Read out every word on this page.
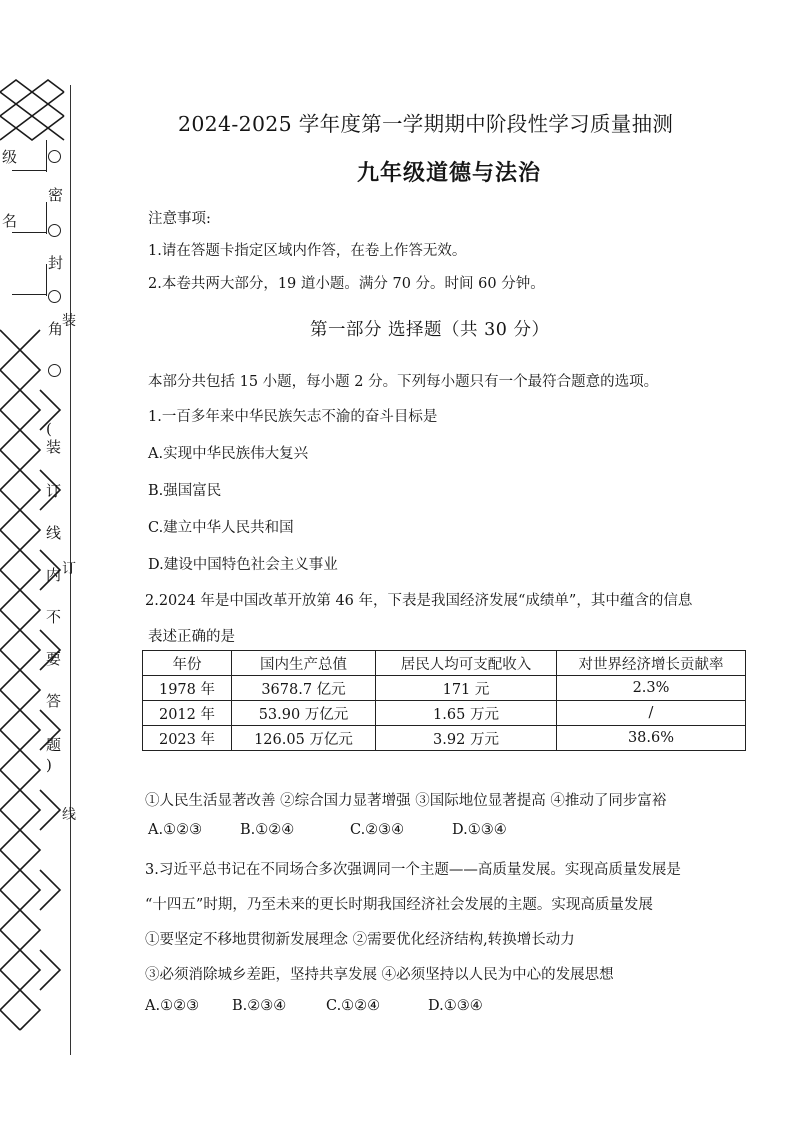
级
名
密
封
角
(
装
订
线
内
不
要
答
题
)
装
订
线
2024-2025 学年度第一学期期中阶段性学习质量抽测
九年级道德与法治
注意事项:
1.请在答题卡指定区域内作答，在卷上作答无效。
2.本卷共两大部分，19 道小题。满分 70 分。时间 60 分钟。
第一部分 选择题（共 30 分）
本部分共包括 15 小题，每小题 2 分。下列每小题只有一个最符合题意的选项。
1.一百多年来中华民族矢志不渝的奋斗目标是
A.实现中华民族伟大复兴
B.强国富民
C.建立中华人民共和国
D.建设中国特色社会主义事业
2.2024 年是中国改革开放第 46 年，下表是我国经济发展“成绩单”，其中蕴含的信息
表述正确的是
年份	国内生产总值	居民人均可支配收入	对世界经济增长贡献率
1978 年	3678.7 亿元	171 元	2.3%
2012 年	53.90 万亿元	1.65 万元	/
2023 年	126.05 万亿元	3.92 万元	38.6%
①人民生活显著改善 ②综合国力显著增强 ③国际地位显著提高 ④推动了同步富裕
A.①②③	B.①②④	C.②③④	D.①③④
3.习近平总书记在不同场合多次强调同一个主题——高质量发展。实现高质量发展是
“十四五”时期，乃至未来的更长时期我国经济社会发展的主题。实现高质量发展
①要坚定不移地贯彻新发展理念 ②需要优化经济结构,转换增长动力
③必须消除城乡差距，坚持共享发展 ④必须坚持以人民为中心的发展思想
A.①②③ B.②③④	C.①②④	D.①③④
